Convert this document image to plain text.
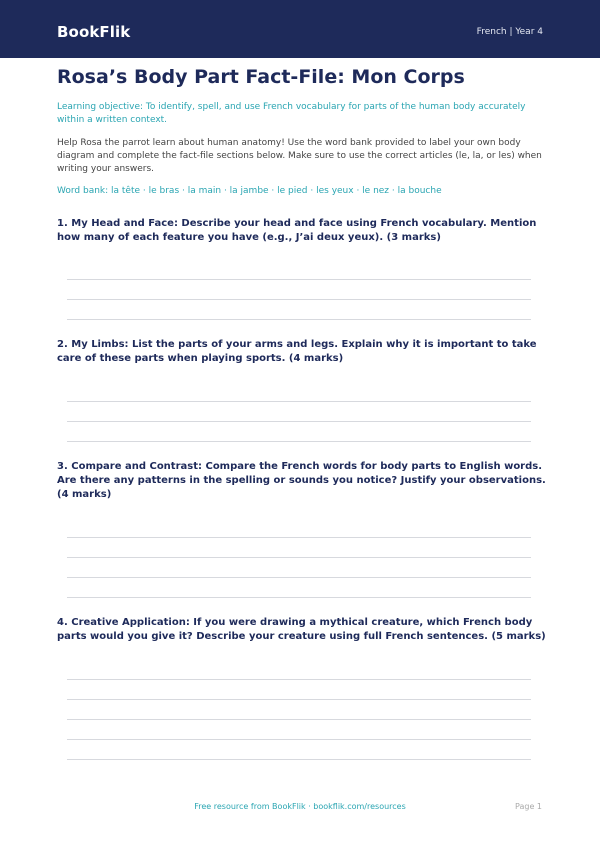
BookFlik	French | Year 4
Rosa’s Body Part Fact-File: Mon Corps
Learning objective: To identify, spell, and use French vocabulary for parts of the human body accurately within a written context.
Help Rosa the parrot learn about human anatomy! Use the word bank provided to label your own body diagram and complete the fact-file sections below. Make sure to use the correct articles (le, la, or les) when writing your answers.
Word bank: la tête · le bras · la main · la jambe · le pied · les yeux · le nez · la bouche
1. My Head and Face: Describe your head and face using French vocabulary. Mention how many of each feature you have (e.g., J’ai deux yeux). (3 marks)
2. My Limbs: List the parts of your arms and legs. Explain why it is important to take care of these parts when playing sports. (4 marks)
3. Compare and Contrast: Compare the French words for body parts to English words. Are there any patterns in the spelling or sounds you notice? Justify your observations. (4 marks)
4. Creative Application: If you were drawing a mythical creature, which French body parts would you give it? Describe your creature using full French sentences. (5 marks)
Free resource from BookFlik · bookflik.com/resources	Page 1
